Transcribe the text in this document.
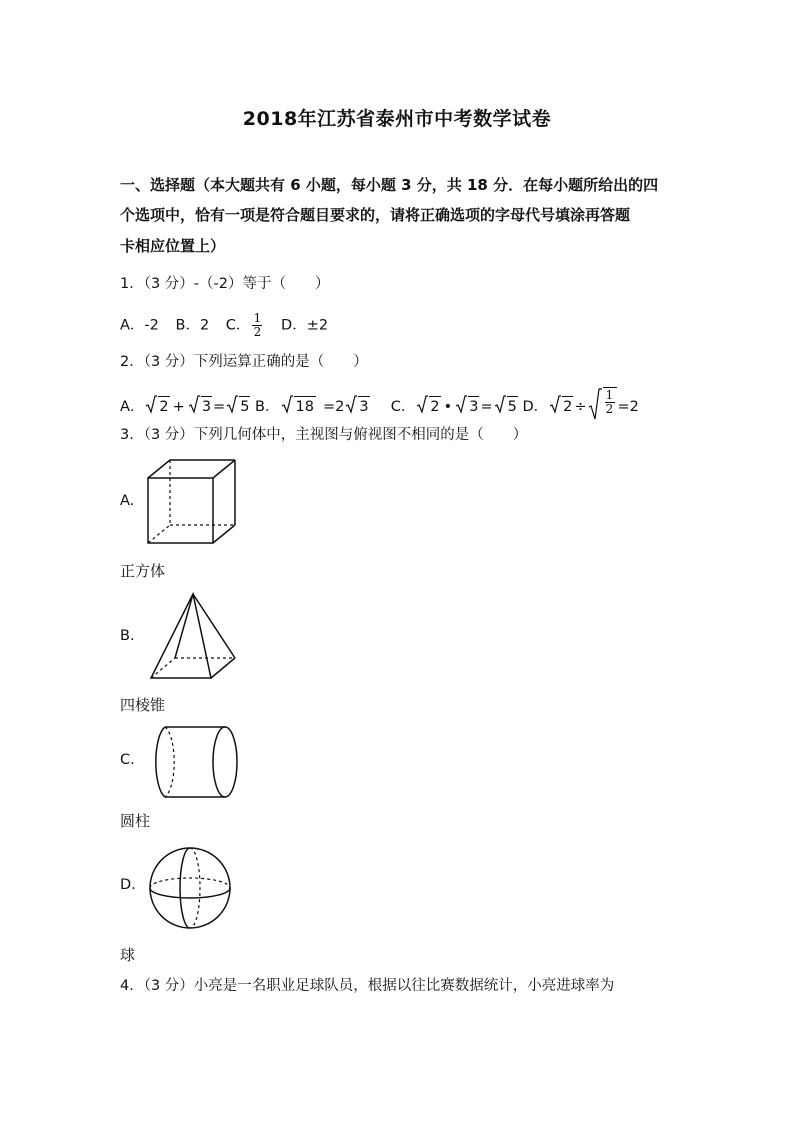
2018年江苏省泰州市中考数学试卷
一、选择题（本大题共有 6 小题，每小题 3 分，共 18 分．在每小题所给出的四
个选项中，恰有一项是符合题目要求的，请将正确选项的字母代号填涂再答题
卡相应位置上）
1．（3 分）-（-2）等于（　　）
A．-2 B．2 C． $\frac{1}{2}$ D．±2
2．（3 分）下列运算正确的是（　　）
A． 2 + 3 = 5
B． 18 =2 3
C． 2 • 3 = 5
D． $2 \div \frac{1}{2} =2$
3．（3 分）下列几何体中，主视图与俯视图不相同的是（　　）
A.
正方体
B.
四棱锥
C.
圆柱
D.
球
4．（3 分）小亮是一名职业足球队员，根据以往比赛数据统计，小亮进球率为
